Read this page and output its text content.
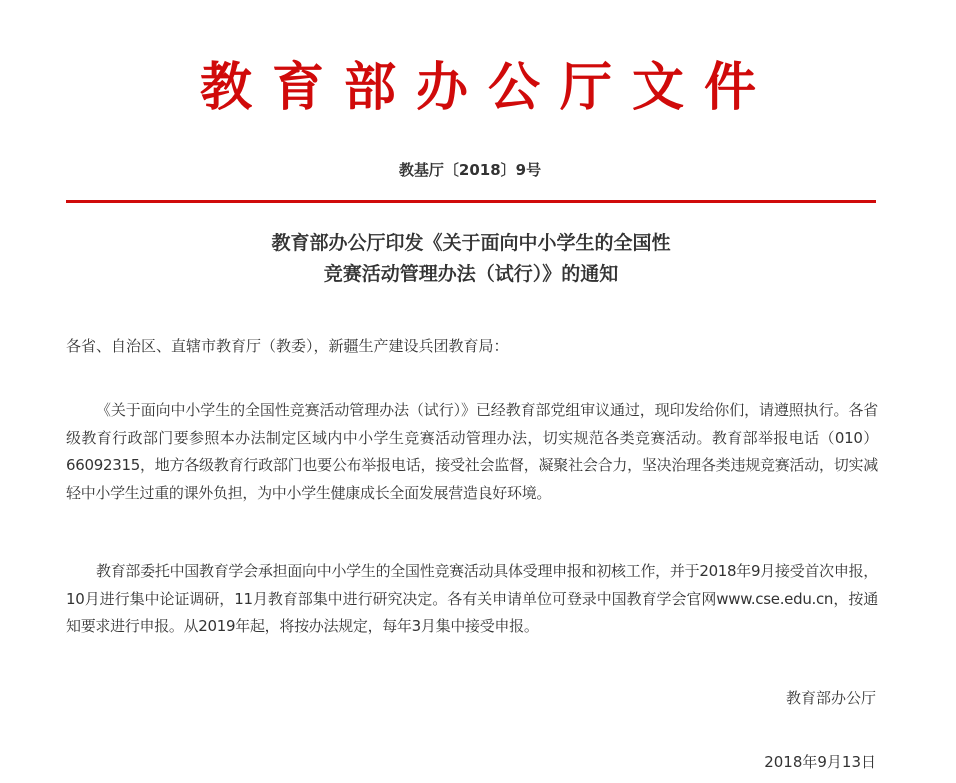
教育部办公厅文件
教基厅〔2018〕9号
教育部办公厅印发《关于面向中小学生的全国性
竞赛活动管理办法（试行）》的通知
各省、自治区、直辖市教育厅（教委），新疆生产建设兵团教育局：
《关于面向中小学生的全国性竞赛活动管理办法（试行）》已经教育部党组审议通过，现印发给你们，请遵照执行。各省级教育行政部门要参照本办法制定区域内中小学生竞赛活动管理办法，切实规范各类竞赛活动。教育部举报电话（010）66092315，地方各级教育行政部门也要公布举报电话，接受社会监督，凝聚社会合力，坚决治理各类违规竞赛活动，切实减轻中小学生过重的课外负担，为中小学生健康成长全面发展营造良好环境。
教育部委托中国教育学会承担面向中小学生的全国性竞赛活动具体受理申报和初核工作，并于2018年9月接受首次申报，10月进行集中论证调研，11月教育部集中进行研究决定。各有关申请单位可登录中国教育学会官网www.cse.edu.cn，按通知要求进行申报。从2019年起，将按办法规定，每年3月集中接受申报。
教育部办公厅
2018年9月13日
